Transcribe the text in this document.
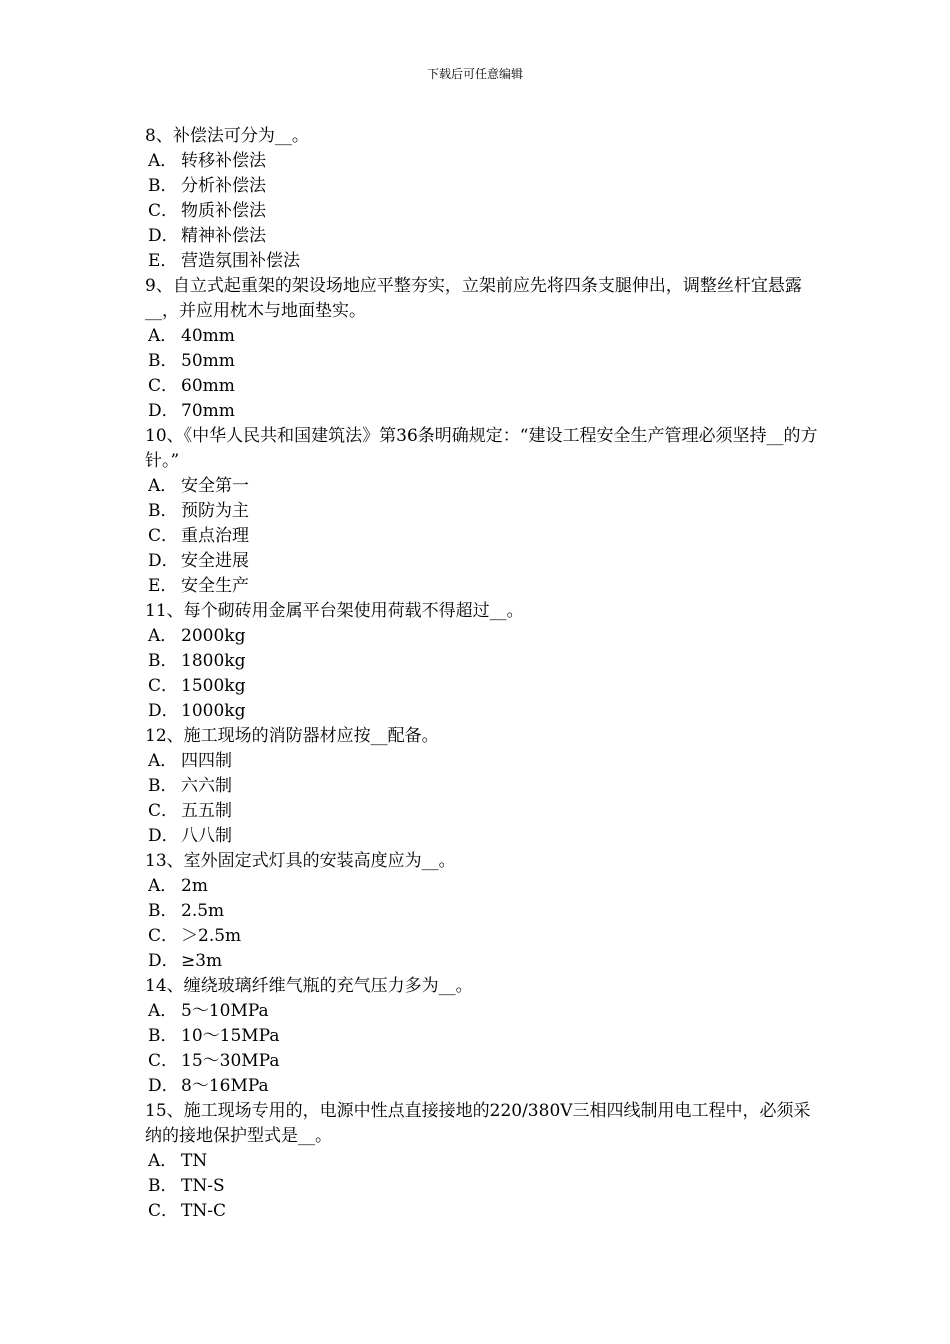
下载后可任意编辑

8、补偿法可分为__。

A． 转移补偿法
B． 分析补偿法
C． 物质补偿法
D． 精神补偿法
E． 营造氛围补偿法

9、自立式起重架的架设场地应平整夯实，立架前应先将四条支腿伸出，调整丝杆宜悬露__，并应用枕木与地面垫实。

A． 40mm
B． 50mm
C． 60mm
D． 70mm

10、《中华人民共和国建筑法》第36条明确规定：“建设工程安全生产管理必须坚持__的方针。”

A． 安全第一
B． 预防为主
C． 重点治理
D． 安全进展
E． 安全生产

11、每个砌砖用金属平台架使用荷载不得超过__。

A． 2000kg
B． 1800kg
C． 1500kg
D． 1000kg

12、施工现场的消防器材应按__配备。

A． 四四制
B． 六六制
C． 五五制
D． 八八制

13、室外固定式灯具的安装高度应为__。

A． 2m
B． 2.5m
C． ＞2.5m
D． ≥3m

14、缠绕玻璃纤维气瓶的充气压力多为__。

A． 5～10MPa
B． 10～15MPa
C． 15～30MPa
D． 8～16MPa

15、施工现场专用的，电源中性点直接接地的220/380V三相四线制用电工程中，必须采纳的接地保护型式是__。

A． TN
B． TN-S
C． TN-C
